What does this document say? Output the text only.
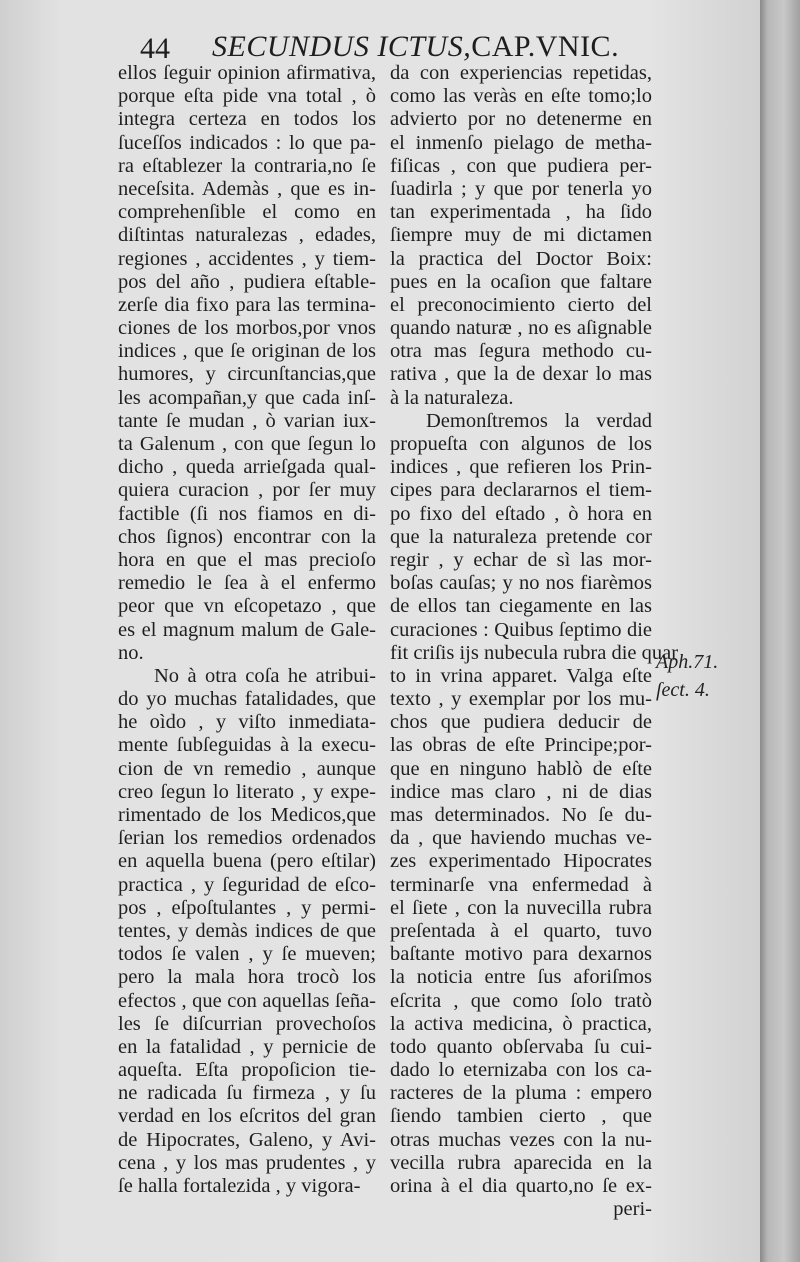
44 SECUNDUS ICTUS,CAP.VNIC.
ellos ſeguir opinion afirmativa,
porque eſta pide vna total , ò
integra certeza en todos los
ſuceſſos indicados : lo que pa-
ra eſtablezer la contraria,no ſe
neceſsita. Ademàs , que es in-
comprehenſible el como en
diſtintas naturalezas , edades,
regiones , accidentes , y tiem-
pos del año , pudiera eſtable-
zerſe dia fixo para las termina-
ciones de los morbos,por vnos
indices , que ſe originan de los
humores, y circunſtancias,que
les acompañan,y que cada inſ-
tante ſe mudan , ò varian iux-
ta Galenum , con que ſegun lo
dicho , queda arrieſgada qual-
quiera curacion , por ſer muy
factible (ſi nos fiamos en di-
chos ſignos) encontrar con la
hora en que el mas precioſo
remedio le ſea à el enfermo
peor que vn eſcopetazo , que
es el magnum malum de Gale-
no.
No à otra coſa he atribui-
do yo muchas fatalidades, que
he oìdo , y viſto inmediata-
mente ſubſeguidas à la execu-
cion de vn remedio , aunque
creo ſegun lo literato , y expe-
rimentado de los Medicos,que
ſerian los remedios ordenados
en aquella buena (pero eſtilar)
practica , y ſeguridad de eſco-
pos , eſpoſtulantes , y permi-
tentes, y demàs indices de que
todos ſe valen , y ſe mueven;
pero la mala hora trocò los
efectos , que con aquellas ſeña-
les ſe diſcurrian provechoſos
en la fatalidad , y pernicie de
aqueſta. Eſta propoſicion tie-
ne radicada ſu firmeza , y ſu
verdad en los eſcritos del gran
de Hipocrates, Galeno, y Avi-
cena , y los mas prudentes , y
ſe halla fortalezida , y vigora-
da con experiencias repetidas,
como las veràs en eſte tomo;lo
advierto por no detenerme en
el inmenſo pielago de metha-
fiſicas , con que pudiera per-
ſuadirla ; y que por tenerla yo
tan experimentada , ha ſido
ſiempre muy de mi dictamen
la practica del Doctor Boix:
pues en la ocaſion que faltare
el preconocimiento cierto del
quando naturæ , no es aſignable
otra mas ſegura methodo cu-
rativa , que la de dexar lo mas
à la naturaleza.
Demonſtremos la verdad
propueſta con algunos de los
indices , que refieren los Prin-
cipes para declararnos el tiem-
po fixo del eſtado , ò hora en
que la naturaleza pretende cor
regir , y echar de sì las mor-
boſas cauſas; y no nos fiarèmos
de ellos tan ciegamente en las
curaciones : Quibus ſeptimo die
fit criſis ijs nubecula rubra die quar
to in vrina apparet. Valga eſte
texto , y exemplar por los mu-
chos que pudiera deducir de
las obras de eſte Principe;por-
que en ninguno hablò de eſte
indice mas claro , ni de dias
mas determinados. No ſe du-
da , que haviendo muchas ve-
zes experimentado Hipocrates
terminarſe vna enfermedad à
el ſiete , con la nuvecilla rubra
preſentada à el quarto, tuvo
baſtante motivo para dexarnos
la noticia entre ſus aforiſmos
eſcrita , que como ſolo tratò
la activa medicina, ò practica,
todo quanto obſervaba ſu cui-
dado lo eternizaba con los ca-
racteres de la pluma : empero
ſiendo tambien cierto , que
otras muchas vezes con la nu-
vecilla rubra aparecida en la
orina à el dia quarto,no ſe ex-
peri-
Aph.71.
ſect. 4.
